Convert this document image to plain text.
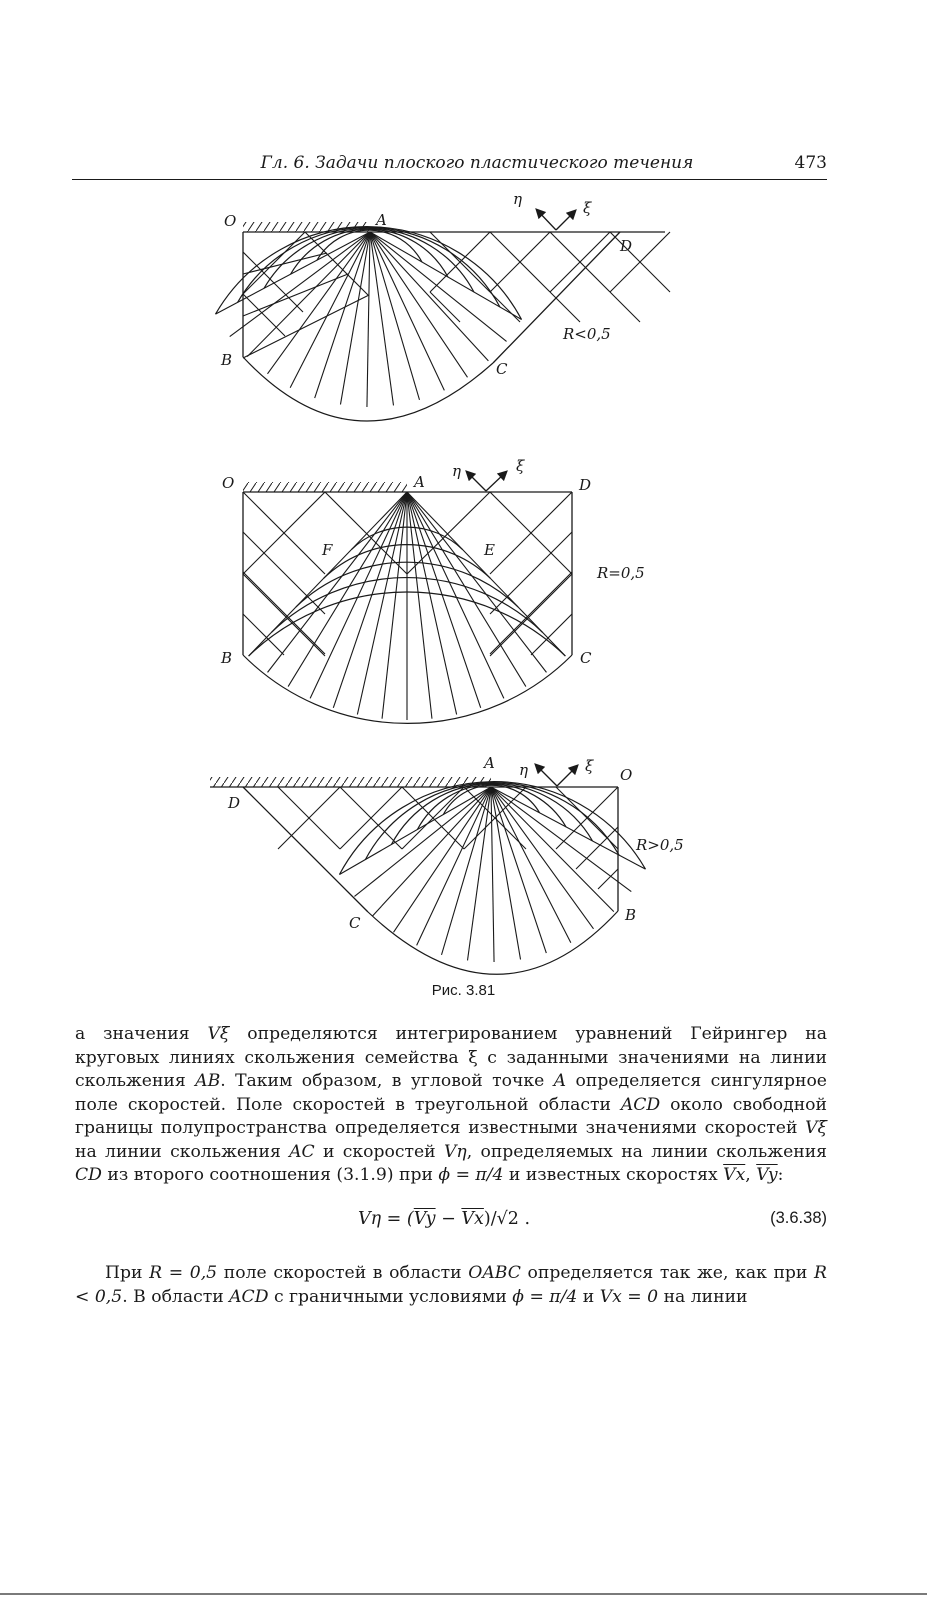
Гл. 6. Задачи плоского пластического течения	473
O	A
η	ξ
D
B	C
R<0,5
O	A
η	ξ
D
F	E
B	C
R=0,5
A η	ξ O
D
C	B
R>0,5
Рис. 3.81

а значения Vξ определяются интегрированием уравнений Гейрингер на круговых линиях скольжения семейства ξ с заданными значениями на линии скольжения AB. Таким образом, в угловой точке A определяется сингулярное поле скоростей. Поле скоростей в треугольной области ACD около свободной границы полупространства определяется известными значениями скоростей Vξ на линии скольжения AC и скоростей Vη, определяемых на линии скольжения CD из второго соотношения (3.1.9) при ϕ = π/4 и известных скоростях $\overline{Vx}$, $\overline{Vy}$:

$V\eta = (\overline{Vy} - \overline{Vx})/√2$ .	(3.6.38)

При R = 0,5 поле скоростей в области OABC определяется так же, как при R < 0,5. В области ACD с граничными условиями ϕ = π/4 и Vx = 0 на линии
